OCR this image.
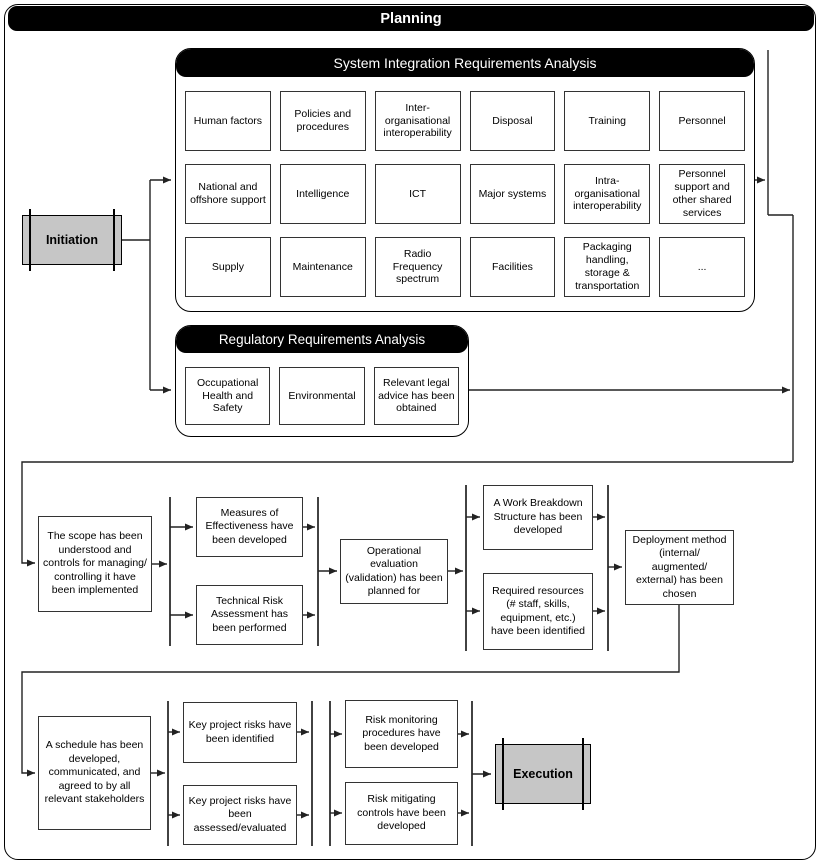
Planning
Initiation
System Integration Requirements Analysis
Human factors
Policies and procedures
Inter-organisational interoperability
Disposal	Training	Personnel
National and offshore support
Intelligence	ICT	Major systems
Intra-organisational interoperability
Personnel support and other shared services
Supply	Maintenance
Radio Frequency spectrum
Facilities
Packaging handling, storage & transportation
...
Regulatory Requirements Analysis
Occupational Health and Safety
Environmental
Relevant legal advice has been obtained
The scope has been understood and controls for managing/ controlling it have been implemented
Measures of Effectiveness have been developed
Technical Risk Assessment has been performed
Operational evaluation (validation) has been planned for
A Work Breakdown Structure has been developed
Required resources (# staff, skills, equipment, etc.) have been identified
Deployment method (internal/ augmented/ external) has been chosen
A schedule has been developed, communicated, and agreed to by all relevant stakeholders
Key project risks have been identified
Key project risks have been assessed/evaluated
Risk monitoring procedures have been developed
Risk mitigating controls have been developed
Execution
